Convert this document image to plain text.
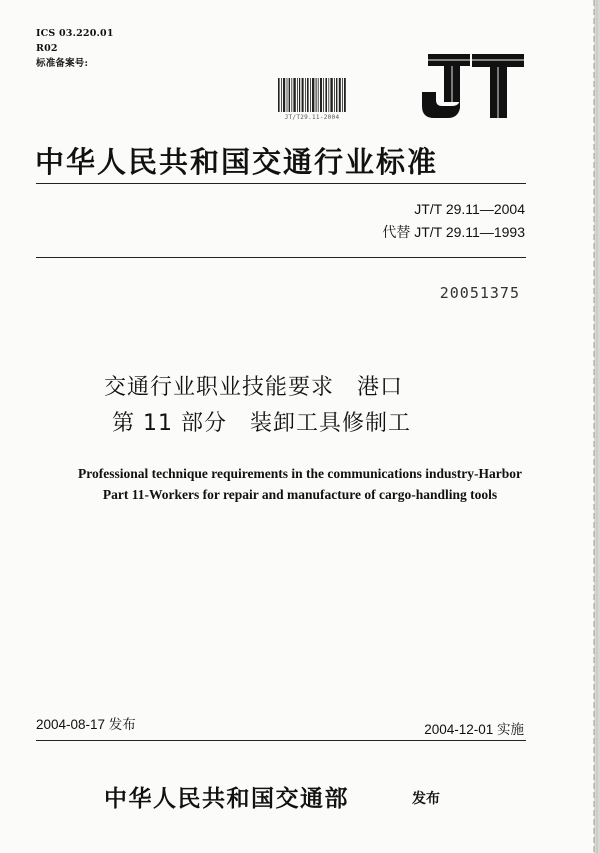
ICS 03.220.01
R02
标准备案号:
JT/T29.11-2004
中华人民共和国交通行业标准
JT/T 29.11—2004
代替 JT/T 29.11—1993
20051375
交通行业职业技能要求　港口
第 11 部分　装卸工具修制工
Professional technique requirements in the communications industry-Harbor
Part 11-Workers for repair and manufacture of cargo-handling tools
2004-08-17 发布	2004-12-01 实施
中华人民共和国交通部	发布
